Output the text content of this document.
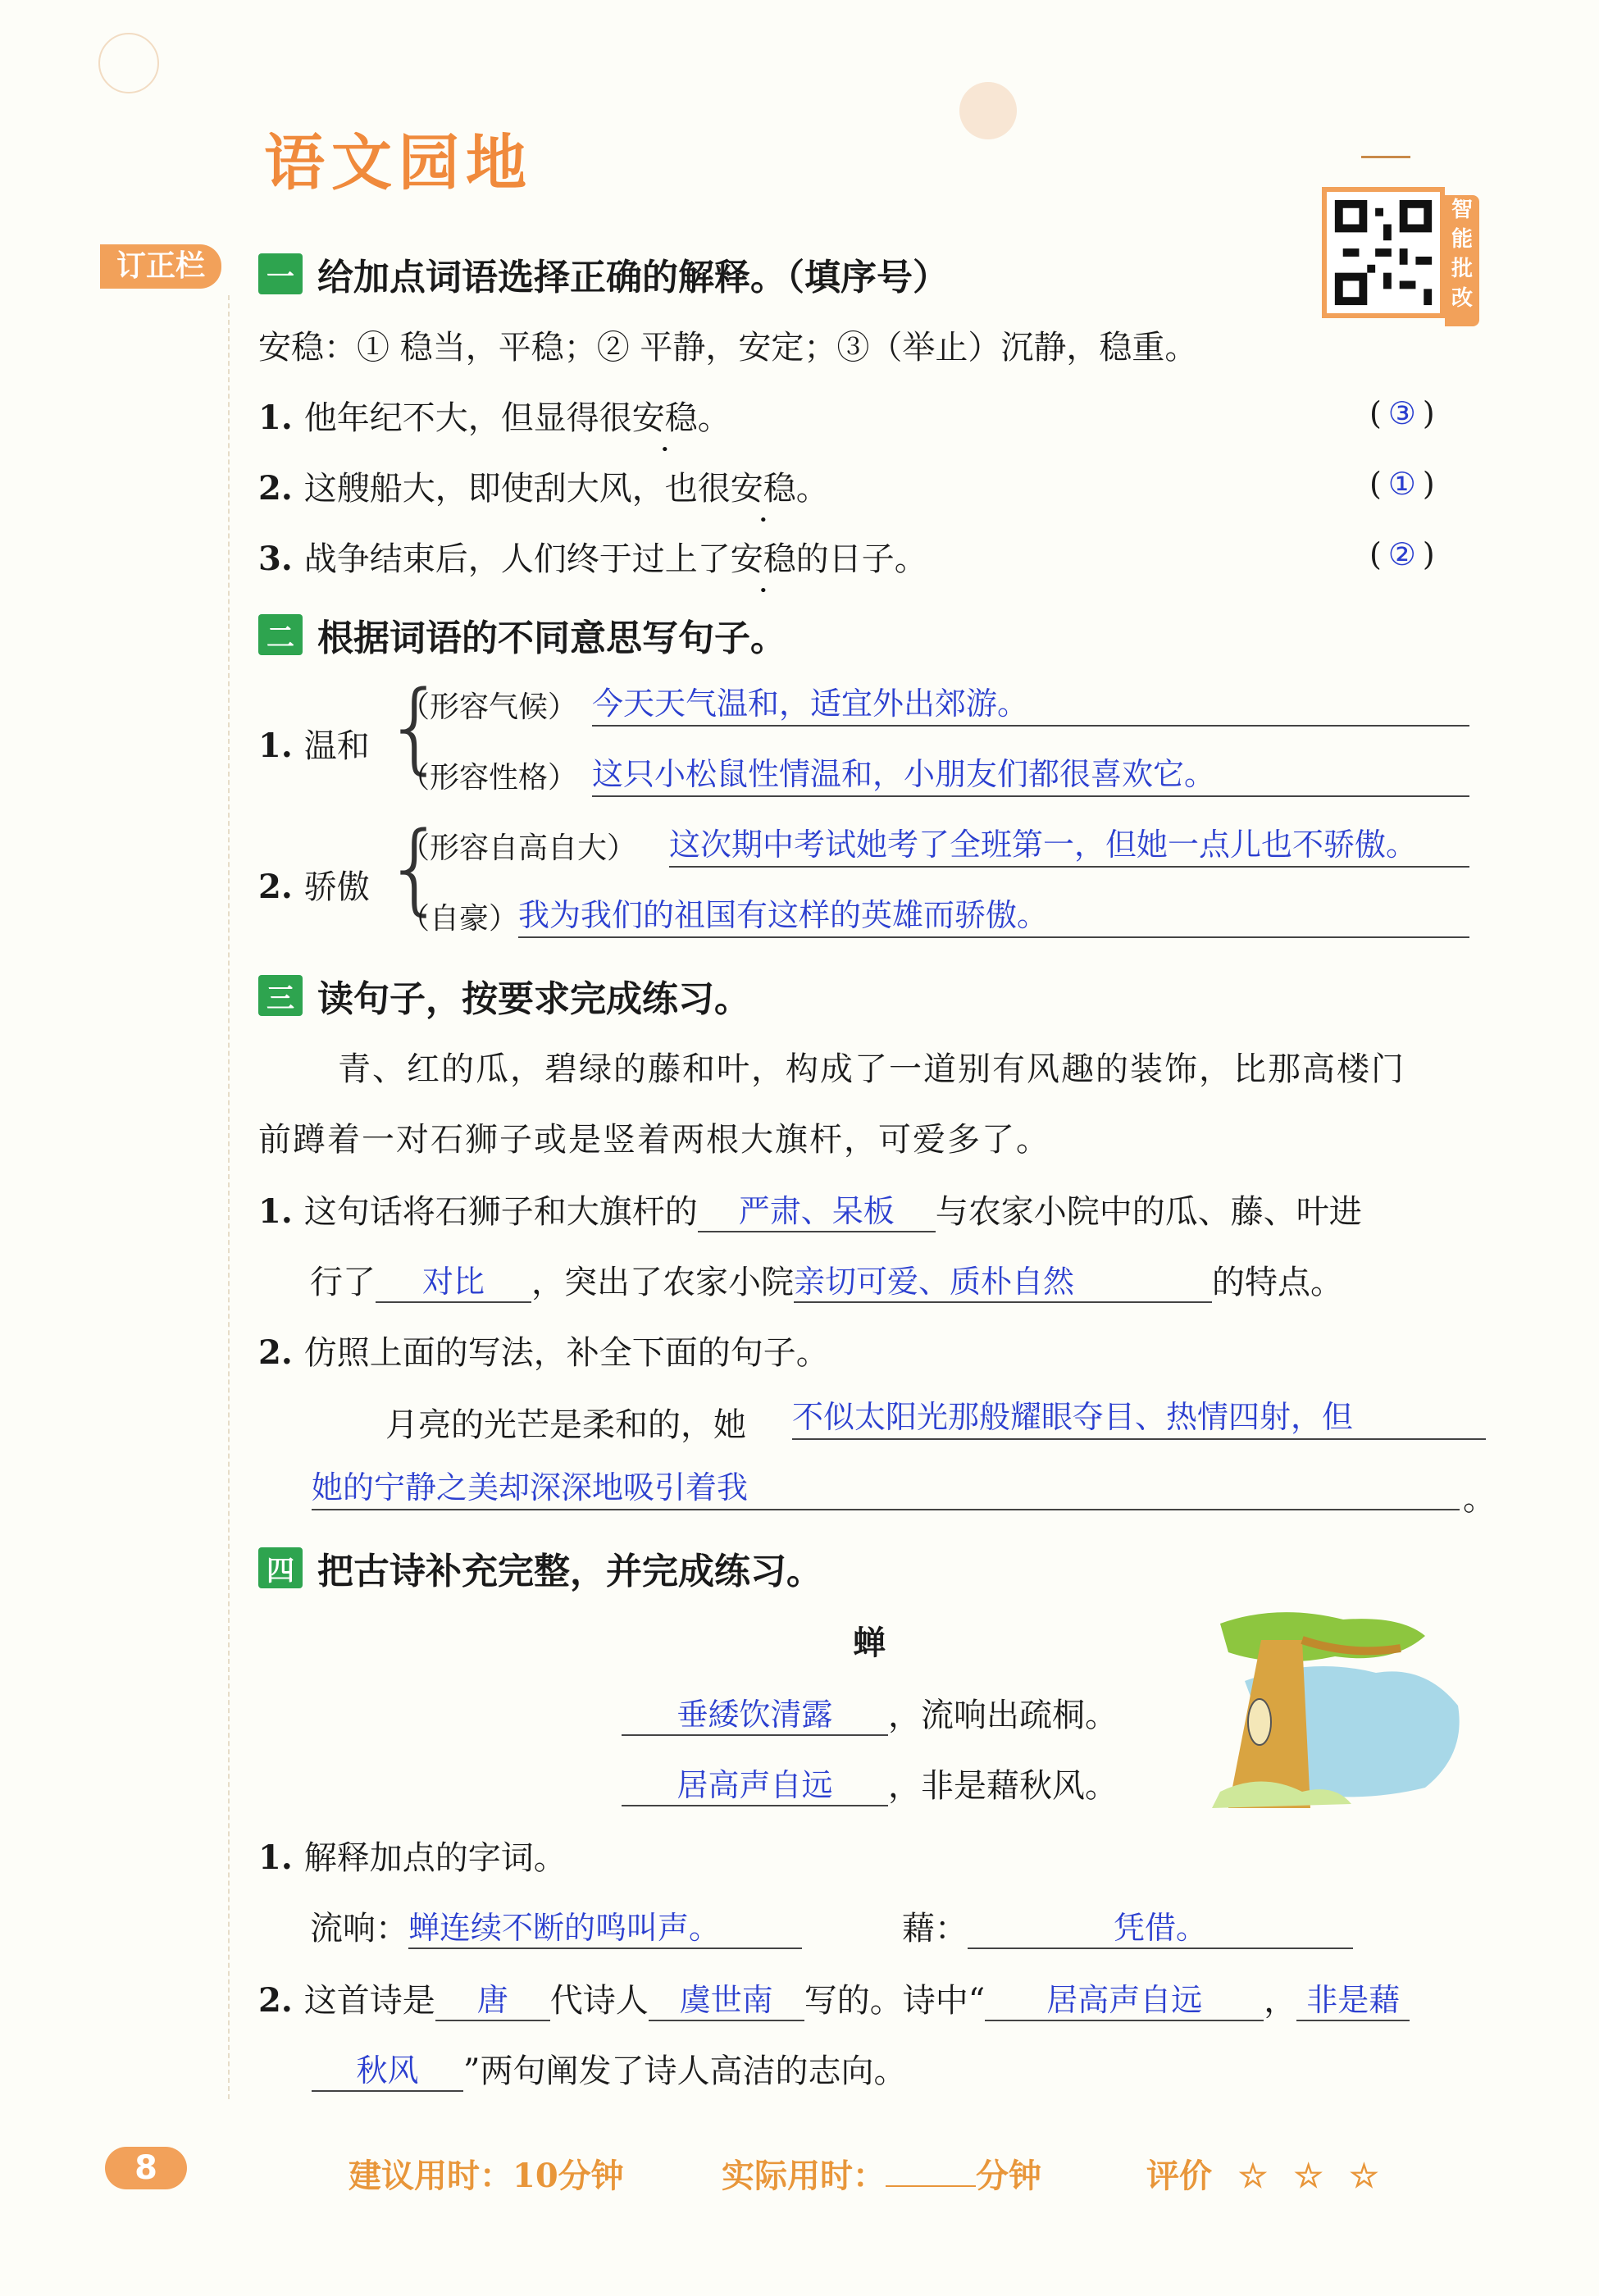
语文园地
订正栏
智
能
批
改
一 给加点词语选择正确的解释。（填序号）
安稳：① 稳当，平稳；② 平静，安定；③（举止）沉静，稳重。
1. 他年纪不大，但显得很安稳。	( ③ )
2. 这艘船大，即使刮大风，也很安稳。	( ① )
3. 战争结束后，人们终于过上了安稳的日子。	( ② )
二 根据词语的不同意思写句子。
1. 温和 {
（形容气候） 今天天气温和，适宜外出郊游。
（形容性格） 这只小松鼠性情温和，小朋友们都很喜欢它。
2. 骄傲 {
（形容自高自大） 这次期中考试她考了全班第一，但她一点儿也不骄傲。
（自豪） 我为我们的祖国有这样的英雄而骄傲。
三 读句子，按要求完成练习。
青、红的瓜，碧绿的藤和叶，构成了一道别有风趣的装饰，比那高楼门
前蹲着一对石狮子或是竖着两根大旗杆，可爱多了。
1. 这句话将石狮子和大旗杆的 严肃、呆板 与农家小院中的瓜、藤、叶进
行了 对比 ，突出了农家小院亲切可爱、质朴自然	的特点。
2. 仿照上面的写法，补全下面的句子。
月亮的光芒是柔和的，她 不似太阳光那般耀眼夺目、热情四射，但
她的宁静之美却深深地吸引着我	。
四 把古诗补充完整，并完成练习。
蝉
垂緌饮清露 ，流响出疏桐。
居高声自远 ，非是藉秋风。
1. 解释加点的字词。
流响：蝉连续不断的鸣叫声。	藉：	凭借。
2. 这首诗是 唐 代诗人 虞世南 写的。诗中“ 居高声自远 ， 非是藉
秋风 ”两句阐发了诗人高洁的志向。
8	建议用时：10分钟	实际用时：	分钟	评价 ☆ ☆ ☆
